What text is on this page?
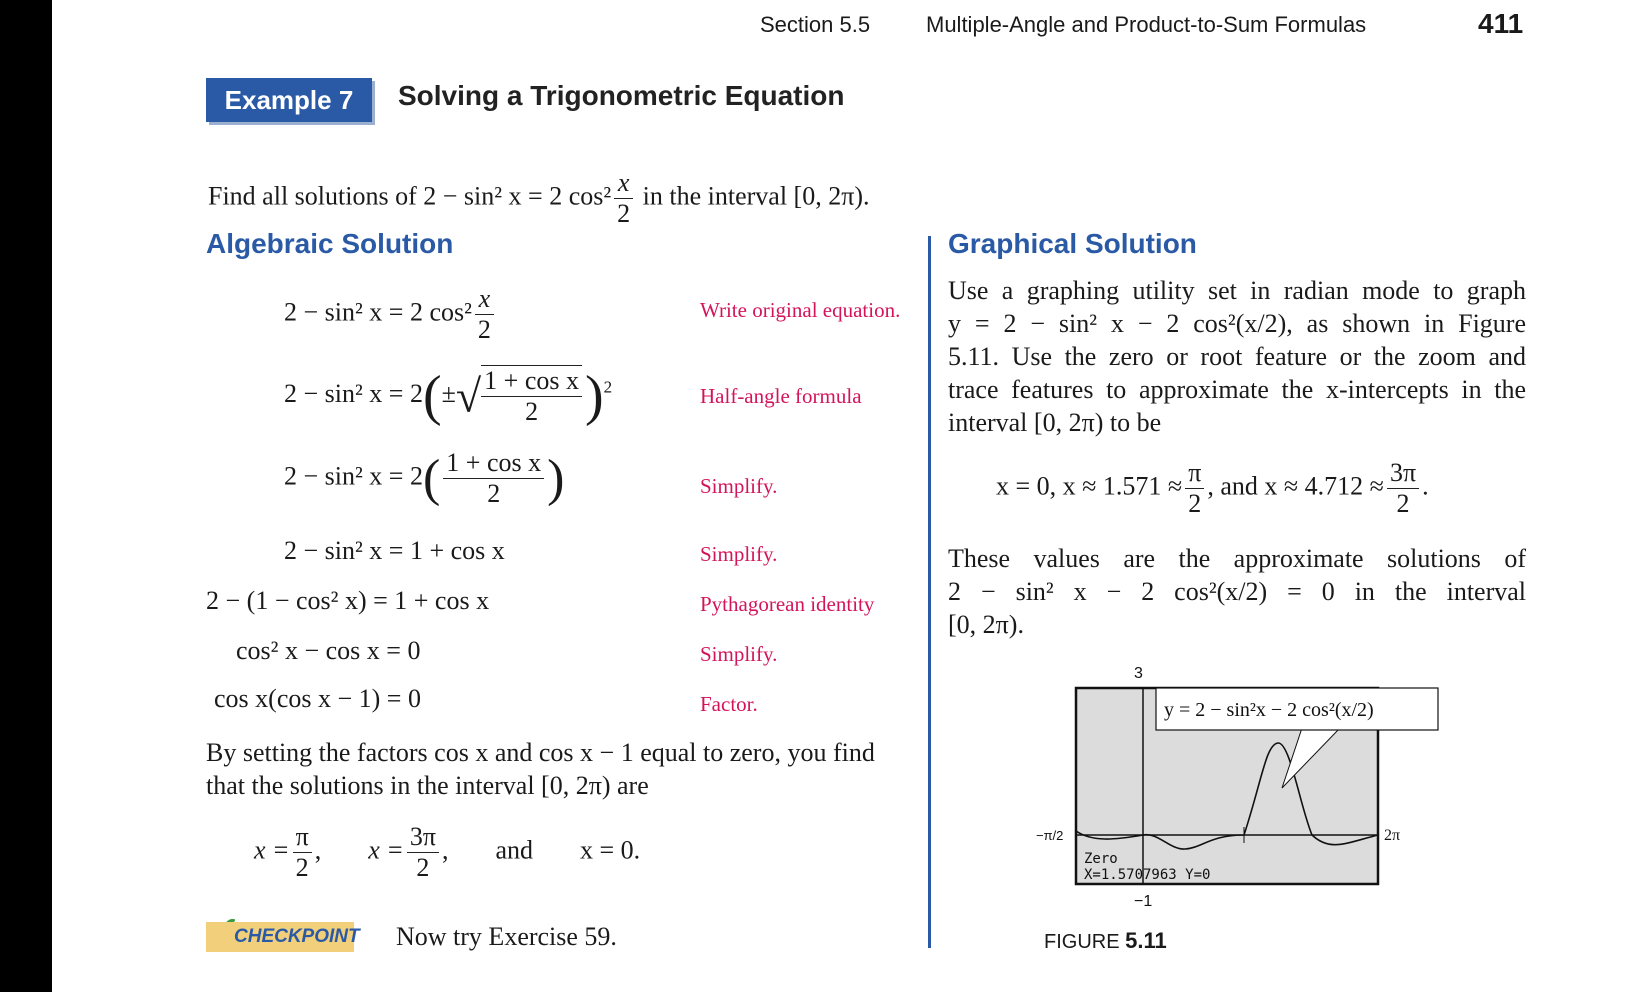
Section 5.5	Multiple-Angle and Product-to-Sum Formulas	411
Example 7	Solving a Trigonometric Equation
Find all solutions of 2 − sin² x = 2 $\cos^2 \frac{x}{2}$ in the interval [0, 2π).
Algebraic Solution	Graphical Solution
2 − sin² x = 2 $\cos^2 \frac{x}{2}$	Write original equation.
2 − sin² $x = 2(\pm√ \frac{\text{1 + cos x}}{2} )^2$	Half-angle formula
2 − sin² $x = 2( \frac{\text{1 + cos x}}{2}$ )	Simplify.
2 − sin² x = 1 + cos x	Simplify.
2 − (1 − cos² x) = 1 + cos x	Pythagorean identity
cos² x − cos x = 0	Simplify.
cos x(cos x − 1) = 0	Factor.
By setting the factors cos x and cos x − 1 equal to zero, you find
that the solutions in the interval [0, 2π) are
$x = \frac{\pi}{2}$ , $x = \frac{3\pi}{2}$ , and x = 0.
CHECKPOINT Now try Exercise 59.
Use a graphing utility set in radian mode to graph
y = 2 − sin² x − 2 cos²(x/2), as shown in Figure
5.11. Use the zero or root feature or the zoom and
trace features to approximate the x-intercepts in the
interval [0, 2π) to be
x = 0, $x \approx 1.571 \approx \frac{\pi}{2}$ , and $x \approx 4.712 \approx \frac{3\pi}{2}$ .
These values are the approximate solutions of
2 − sin² x − 2 cos²(x/2) = 0 in the interval
[0, 2π).
y = 2 − sin²x − 2 cos²(x/2)
Zero
X=1.5707963 Y=0
3
−1
−π/2	2π
FIGURE 5.11
